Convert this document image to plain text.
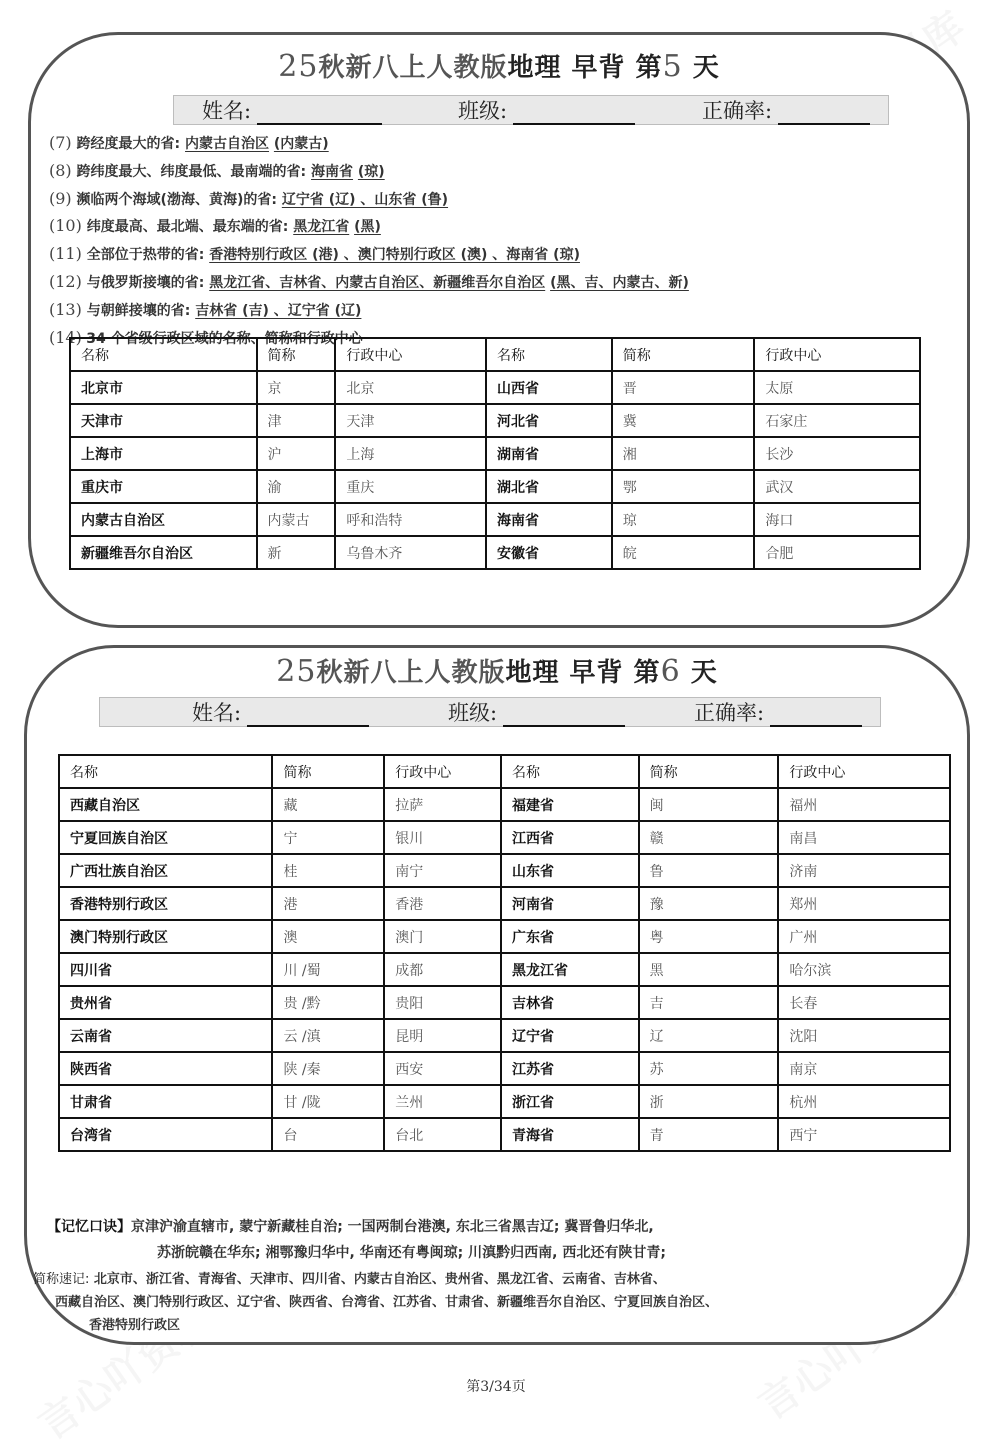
25秋新八上人教版地理 早背 第5 天
姓名:	班级:	正确率:
(7) 跨经度最大的省: 内蒙古自治区 (内蒙古)
(8) 跨纬度最大、纬度最低、最南端的省: 海南省 (琼)
(9) 濒临两个海域(渤海、黄海)的省: 辽宁省 (辽) 、山东省 (鲁)
(10) 纬度最高、最北端、最东端的省: 黑龙江省 (黑)
(11) 全部位于热带的省: 香港特别行政区 (港) 、澳门特别行政区 (澳) 、海南省 (琼)
(12) 与俄罗斯接壤的省: 黑龙江省、吉林省、内蒙古自治区、新疆维吾尔自治区 (黑、吉、内蒙古、新)
(13) 与朝鲜接壤的省: 吉林省 (吉) 、辽宁省 (辽)
(14) 34 个省级行政区域的名称、简称和行政中心
名称	简称	行政中心	名称	简称	行政中心
北京市	京	北京	山西省	晋	太原
天津市	津	天津	河北省	冀	石家庄
上海市	沪	上海	湖南省	湘	长沙
重庆市	渝	重庆	湖北省	鄂	武汉
内蒙古自治区	内蒙古	呼和浩特	海南省	琼	海口
新疆维吾尔自治区	新	乌鲁木齐	安徽省	皖	合肥
25秋新八上人教版地理 早背 第6 天
姓名:	班级:	正确率:
名称	简称	行政中心	名称	简称	行政中心
西藏自治区	藏	拉萨	福建省	闽	福州
宁夏回族自治区	宁	银川	江西省	赣	南昌
广西壮族自治区	桂	南宁	山东省	鲁	济南
香港特别行政区	港	香港	河南省	豫	郑州
澳门特别行政区	澳	澳门	广东省	粤	广州
四川省	川 /蜀	成都	黑龙江省	黑	哈尔滨
贵州省	贵 /黔	贵阳	吉林省	吉	长春
云南省	云 /滇	昆明	辽宁省	辽	沈阳
陕西省	陕 /秦	西安	江苏省	苏	南京
甘肃省	甘 /陇	兰州	浙江省	浙	杭州
台湾省	台	台北	青海省	青	西宁
【记忆口诀】京津沪渝直辖市, 蒙宁新藏桂自治; 一国两制台港澳, 东北三省黑吉辽; 冀晋鲁归华北,
苏浙皖赣在华东; 湘鄂豫归华中, 华南还有粤闽琼; 川滇黔归西南, 西北还有陕甘青;
简称速记: 北京市、浙江省、青海省、天津市、四川省、内蒙古自治区、贵州省、黑龙江省、云南省、吉林省、
西藏自治区、澳门特别行政区、辽宁省、陕西省、台湾省、江苏省、甘肃省、新疆维吾尔自治区、宁夏回族自治区、
香港特别行政区
第3/34页
